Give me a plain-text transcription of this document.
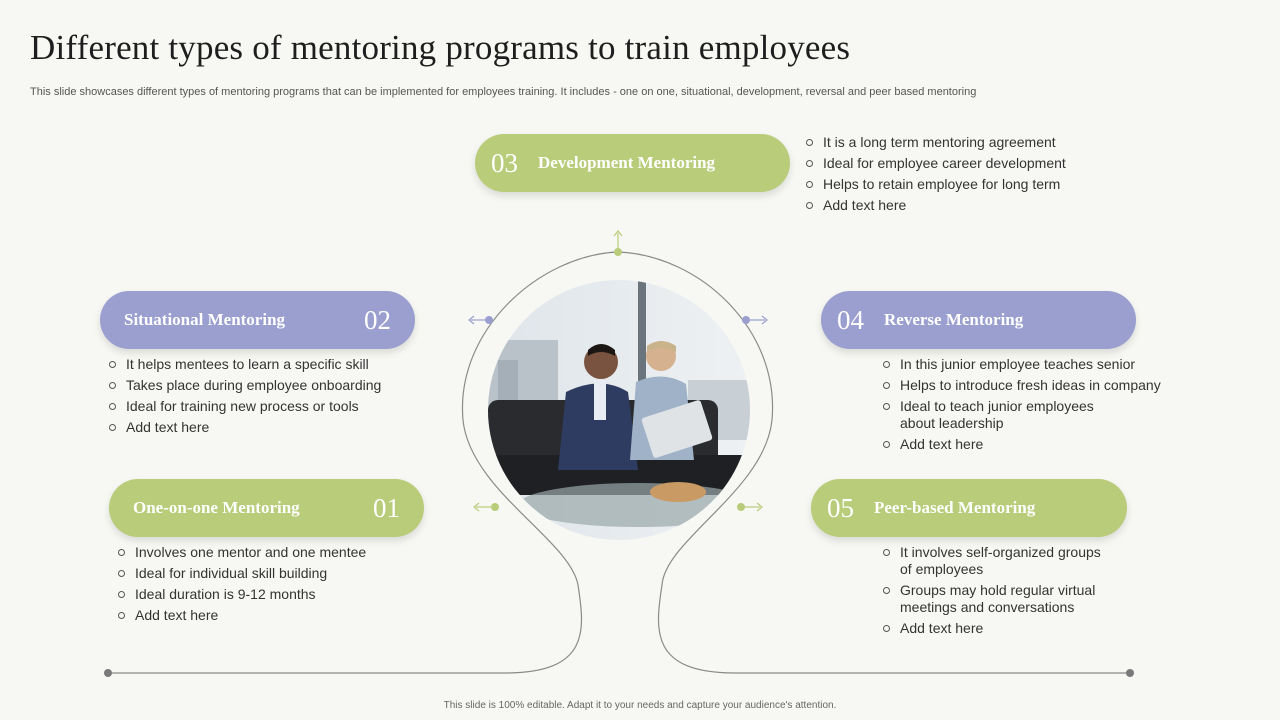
Different types of mentoring programs to train employees

This slide showcases different types of mentoring programs that can be implemented for employees training. It includes - one on one, situational, development, reversal and peer based mentoring

03 Development Mentoring
It is a long term mentoring agreement
Ideal for employee career development
Helps to retain employee for long term
Add text here
Situational Mentoring	02
It helps mentees to learn a specific skill
Takes place during employee onboarding
Ideal for training new process or tools
Add text here
One-on-one Mentoring	01
Involves one mentor and one mentee
Ideal for individual skill building
Ideal duration is 9-12 months
Add text here
04 Reverse Mentoring
In this junior employee teaches senior
Helps to introduce fresh ideas in company
Ideal to teach junior employees about leadership
Add text here
05 Peer-based Mentoring
It involves self-organized groups of employees
Groups may hold regular virtual meetings and conversations
Add text here

This slide is 100% editable. Adapt it to your needs and capture your audience's attention.
